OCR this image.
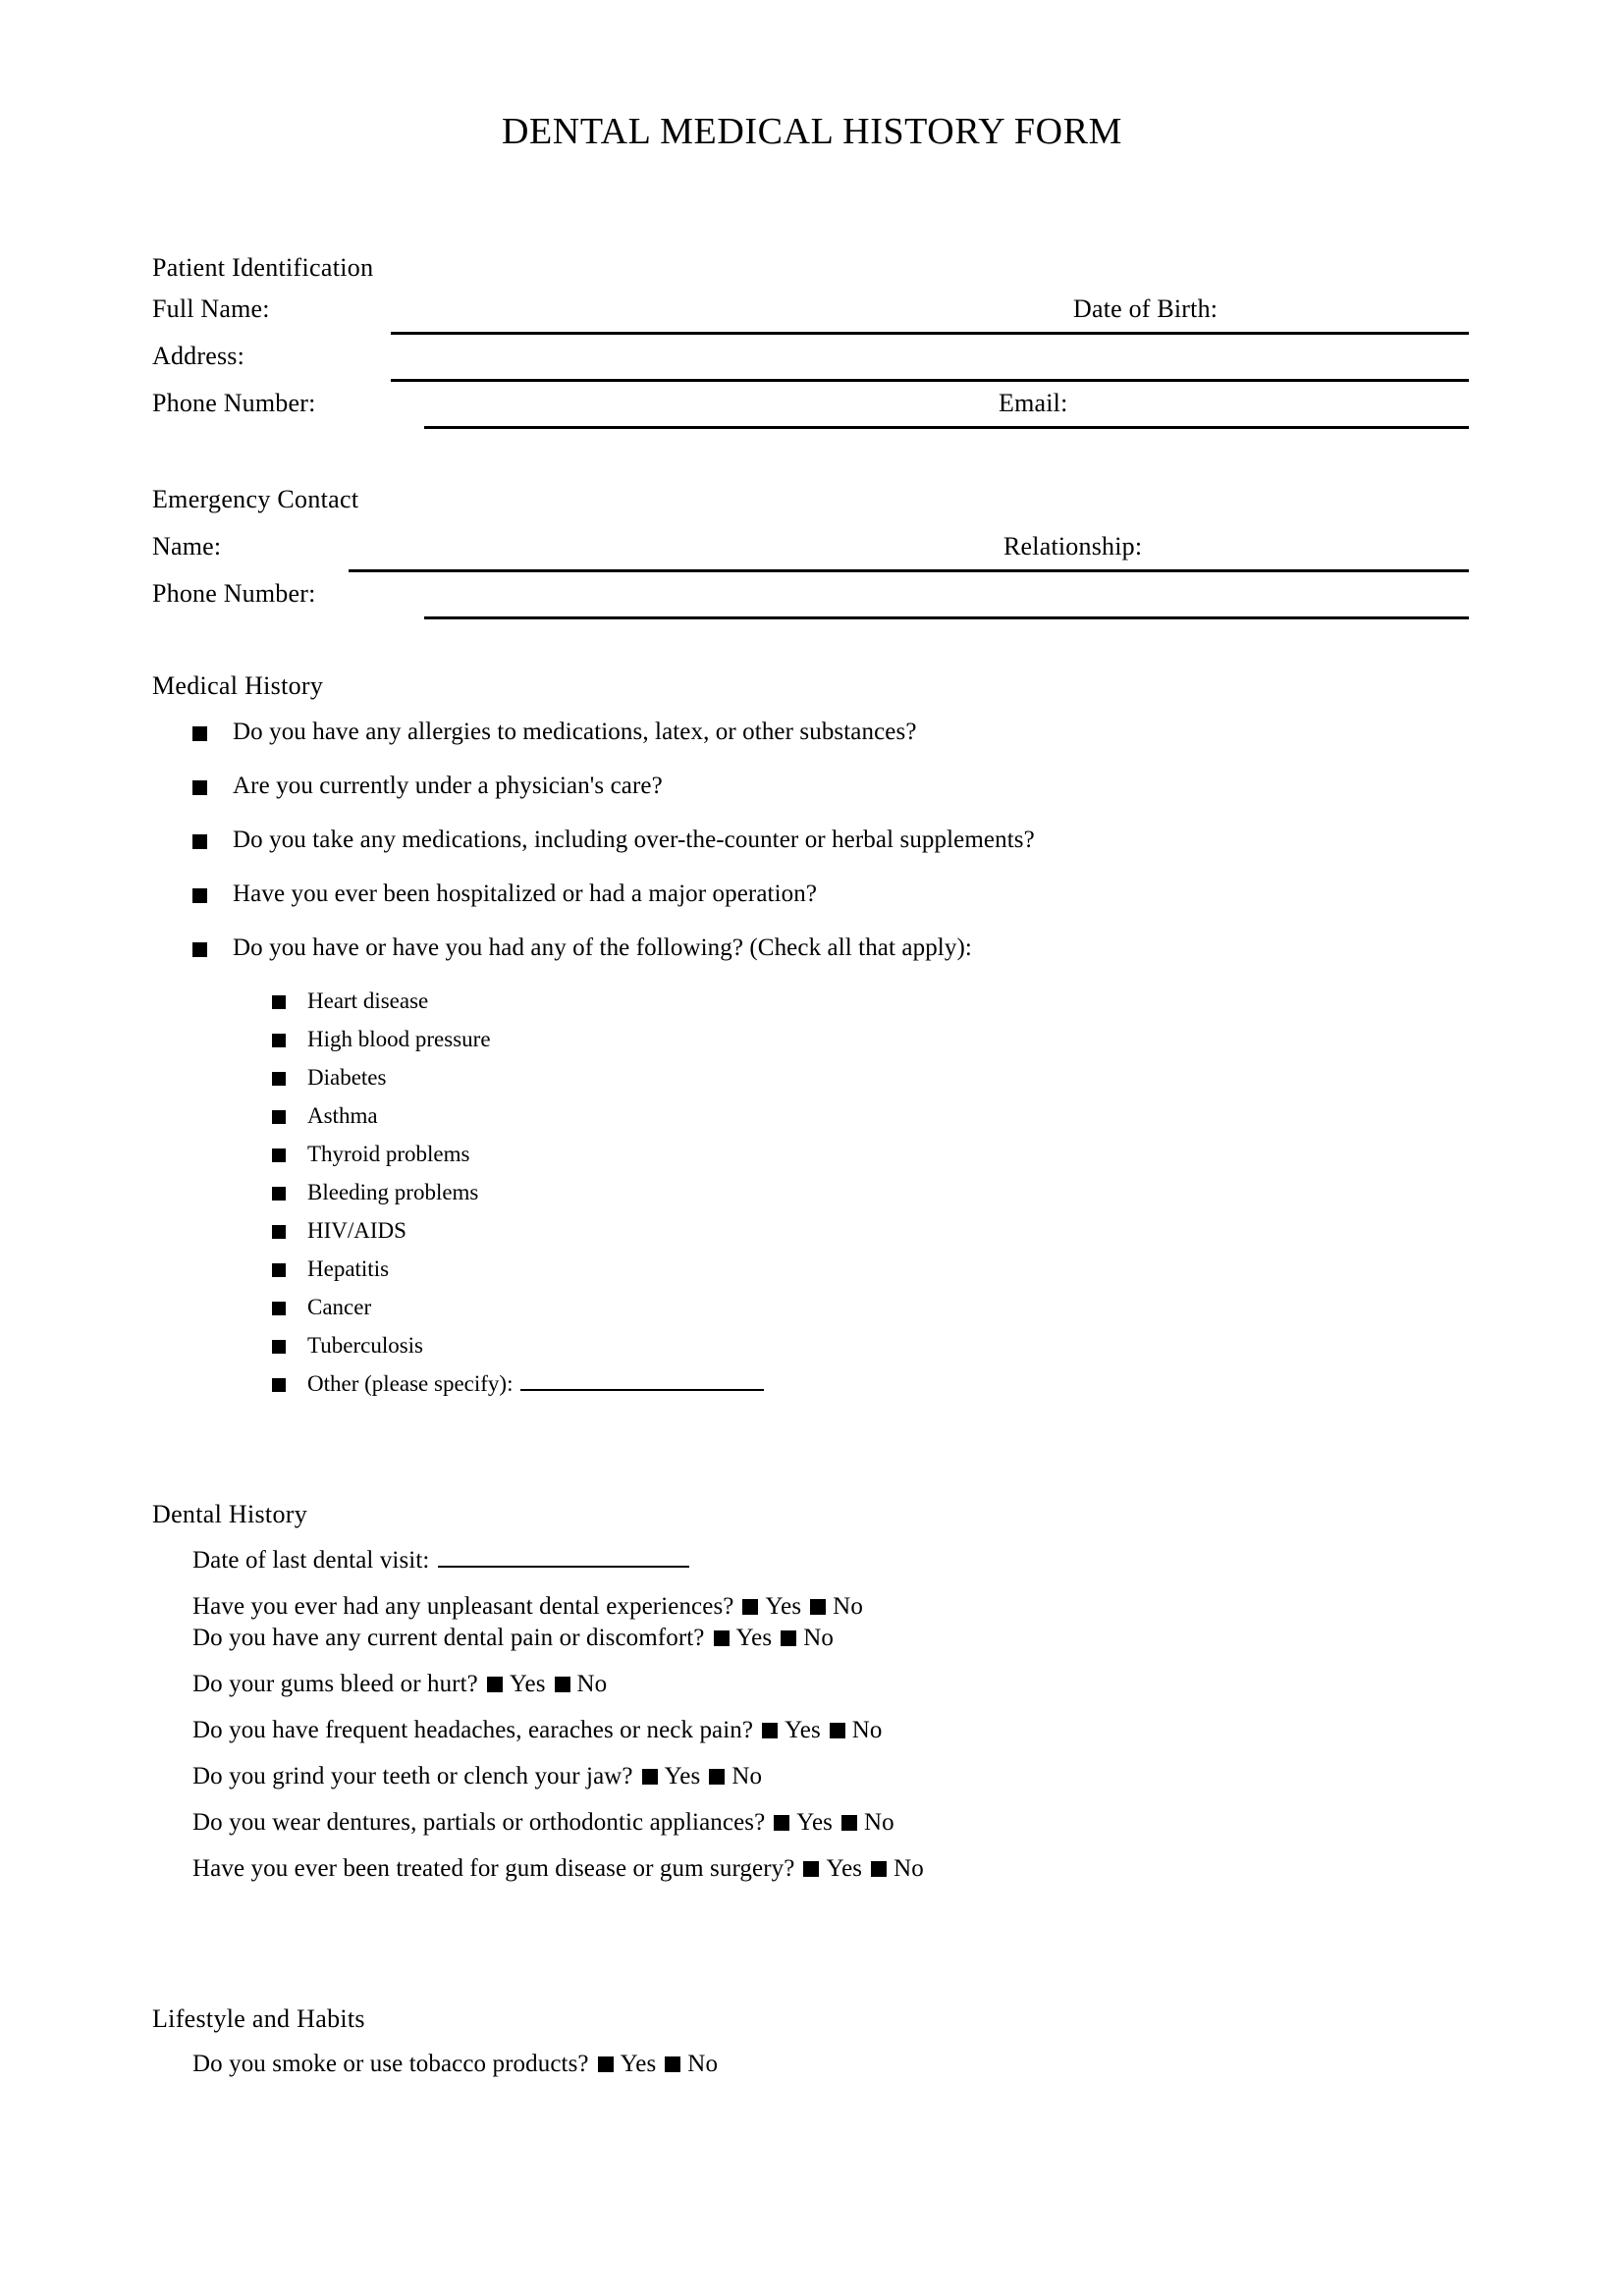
DENTAL MEDICAL HISTORY FORM
Patient Identification
Full Name:	Date of Birth:
Address:
Phone Number:	Email:
Emergency Contact
Name:	Relationship:
Phone Number:
Medical History
Do you have any allergies to medications, latex, or other substances?
Are you currently under a physician's care?
Do you take any medications, including over-the-counter or herbal supplements?
Have you ever been hospitalized or had a major operation?
Do you have or have you had any of the following? (Check all that apply):
Heart disease
High blood pressure
Diabetes
Asthma
Thyroid problems
Bleeding problems
HIV/AIDS
Hepatitis
Cancer
Tuberculosis
Other (please specify):
Dental History
Date of last dental visit:
Have you ever had any unpleasant dental experiences? Yes No
Do you have any current dental pain or discomfort? Yes No
Do your gums bleed or hurt? Yes No
Do you have frequent headaches, earaches or neck pain? Yes No
Do you grind your teeth or clench your jaw? Yes No
Do you wear dentures, partials or orthodontic appliances? Yes No
Have you ever been treated for gum disease or gum surgery? Yes No
Lifestyle and Habits
Do you smoke or use tobacco products? Yes No
